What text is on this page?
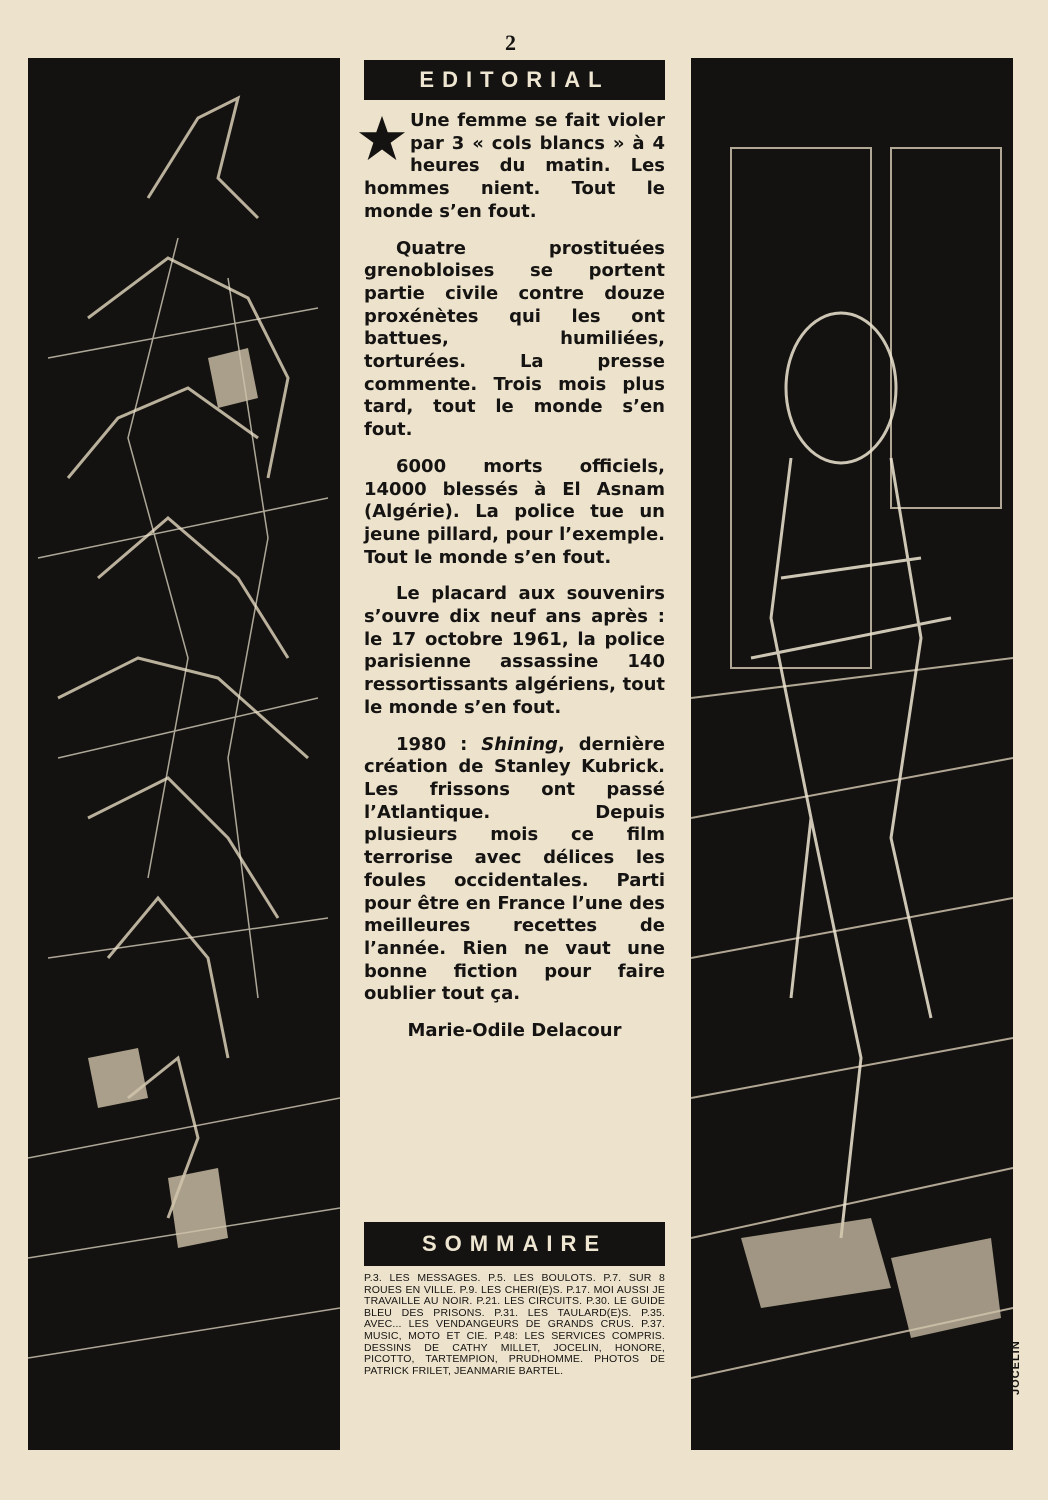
2
JOCELIN
EDITORIAL

Une femme se fait violer par 3 « cols blancs » à 4 heures du matin. Les hommes nient. Tout le monde s’en fout.

Quatre prostituées grenobloises se portent partie civile contre douze proxénètes qui les ont battues, humiliées, torturées. La presse commente. Trois mois plus tard, tout le monde s’en fout.

6000 morts officiels, 14000 blessés à El Asnam (Algérie). La police tue un jeune pillard, pour l’exemple. Tout le monde s’en fout.

Le placard aux souvenirs s’ouvre dix neuf ans après : le 17 octobre 1961, la police parisienne assassine 140 ressortissants algériens, tout le monde s’en fout.

1980 : Shining, dernière création de Stanley Kubrick. Les frissons ont passé l’Atlantique. Depuis plusieurs mois ce film terrorise avec délices les foules occidentales. Parti pour être en France l’une des meilleures recettes de l’année. Rien ne vaut une bonne fiction pour faire oublier tout ça.

Marie-Odile Delacour

SOMMAIRE
P.3. LES MESSAGES. P.5. LES BOULOTS. P.7. SUR 8 ROUES EN VILLE. P.9. LES CHERI(E)S. P.17. MOI AUSSI JE TRAVAILLE AU NOIR. P.21. LES CIRCUITS. P.30. LE GUIDE BLEU DES PRISONS. P.31. LES TAULARD(E)S. P.35. AVEC... LES VENDANGEURS DE GRANDS CRUS. P.37. MUSIC, MOTO ET CIE. P.48: LES SERVICES COMPRIS. DESSINS DE CATHY MILLET, JOCELIN, HONORE, PICOTTO, TARTEMPION, PRUDHOMME. PHOTOS DE PATRICK FRILET, JEANMARIE BARTEL.
